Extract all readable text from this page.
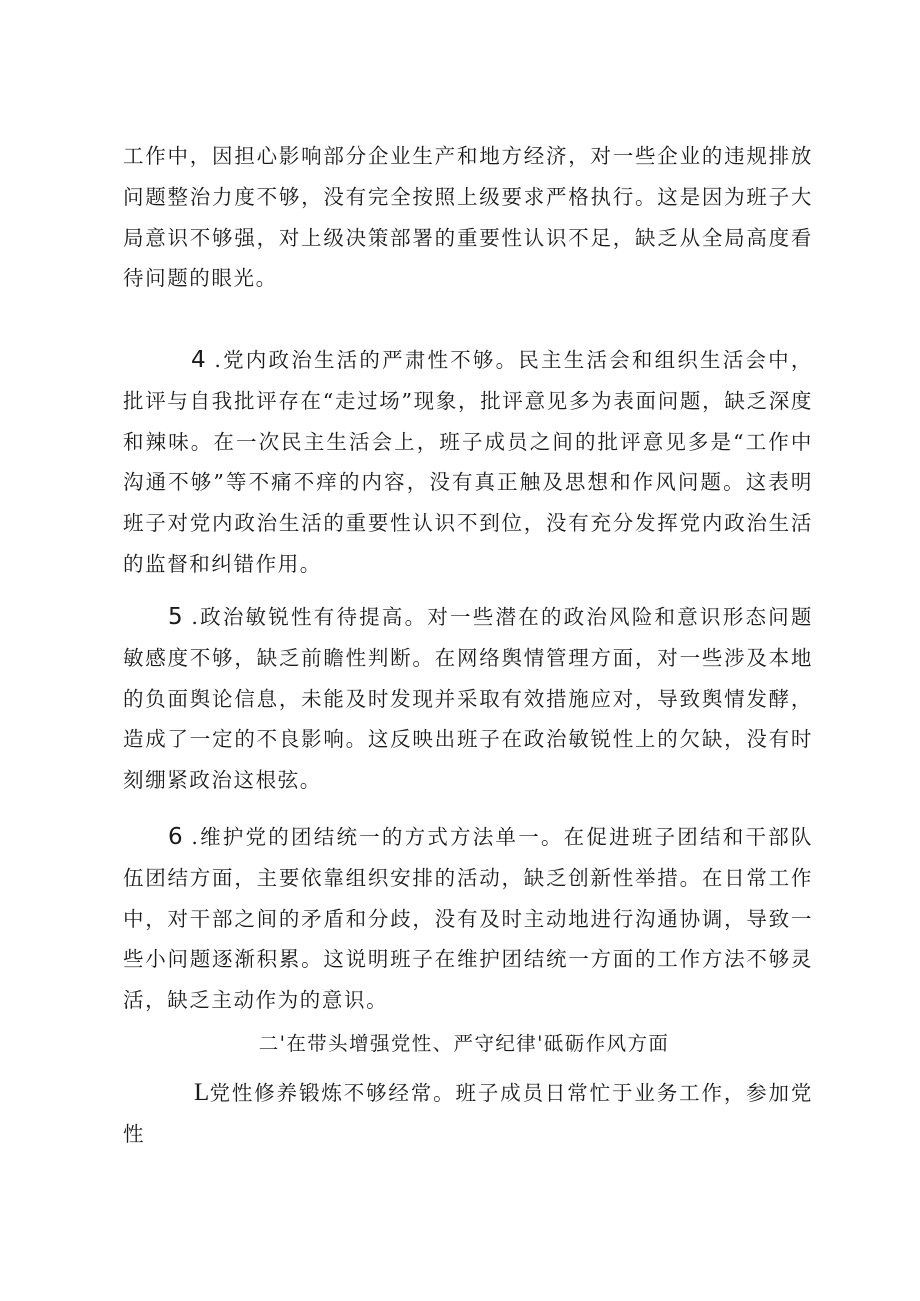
工作中，因担心影响部分企业生产和地方经济，对一些企业的违规排放问题整治力度不够，没有完全按照上级要求严格执行。这是因为班子大局意识不够强，对上级决策部署的重要性认识不足，缺乏从全局高度看待问题的眼光。

4 .党内政治生活的严肃性不够。民主生活会和组织生活会中，批评与自我批评存在“走过场”现象，批评意见多为表面问题，缺乏深度和辣味。在一次民主生活会上，班子成员之间的批评意见多是“工作中沟通不够”等不痛不痒的内容，没有真正触及思想和作风问题。这表明班子对党内政治生活的重要性认识不到位，没有充分发挥党内政治生活的监督和纠错作用。

5 .政治敏锐性有待提高。对一些潜在的政治风险和意识形态问题敏感度不够，缺乏前瞻性判断。在网络舆情管理方面，对一些涉及本地的负面舆论信息，未能及时发现并采取有效措施应对，导致舆情发酵，造成了一定的不良影响。这反映出班子在政治敏锐性上的欠缺，没有时刻绷紧政治这根弦。

6 .维护党的团结统一的方式方法单一。在促进班子团结和干部队伍团结方面，主要依靠组织安排的活动，缺乏创新性举措。在日常工作中，对干部之间的矛盾和分歧，没有及时主动地进行沟通协调，导致一些小问题逐渐积累。这说明班子在维护团结统一方面的工作方法不够灵活，缺乏主动作为的意识。

二'在带头增强党性、严守纪律'砥砺作风方面

L党性修养锻炼不够经常。班子成员日常忙于业务工作，参加党性
